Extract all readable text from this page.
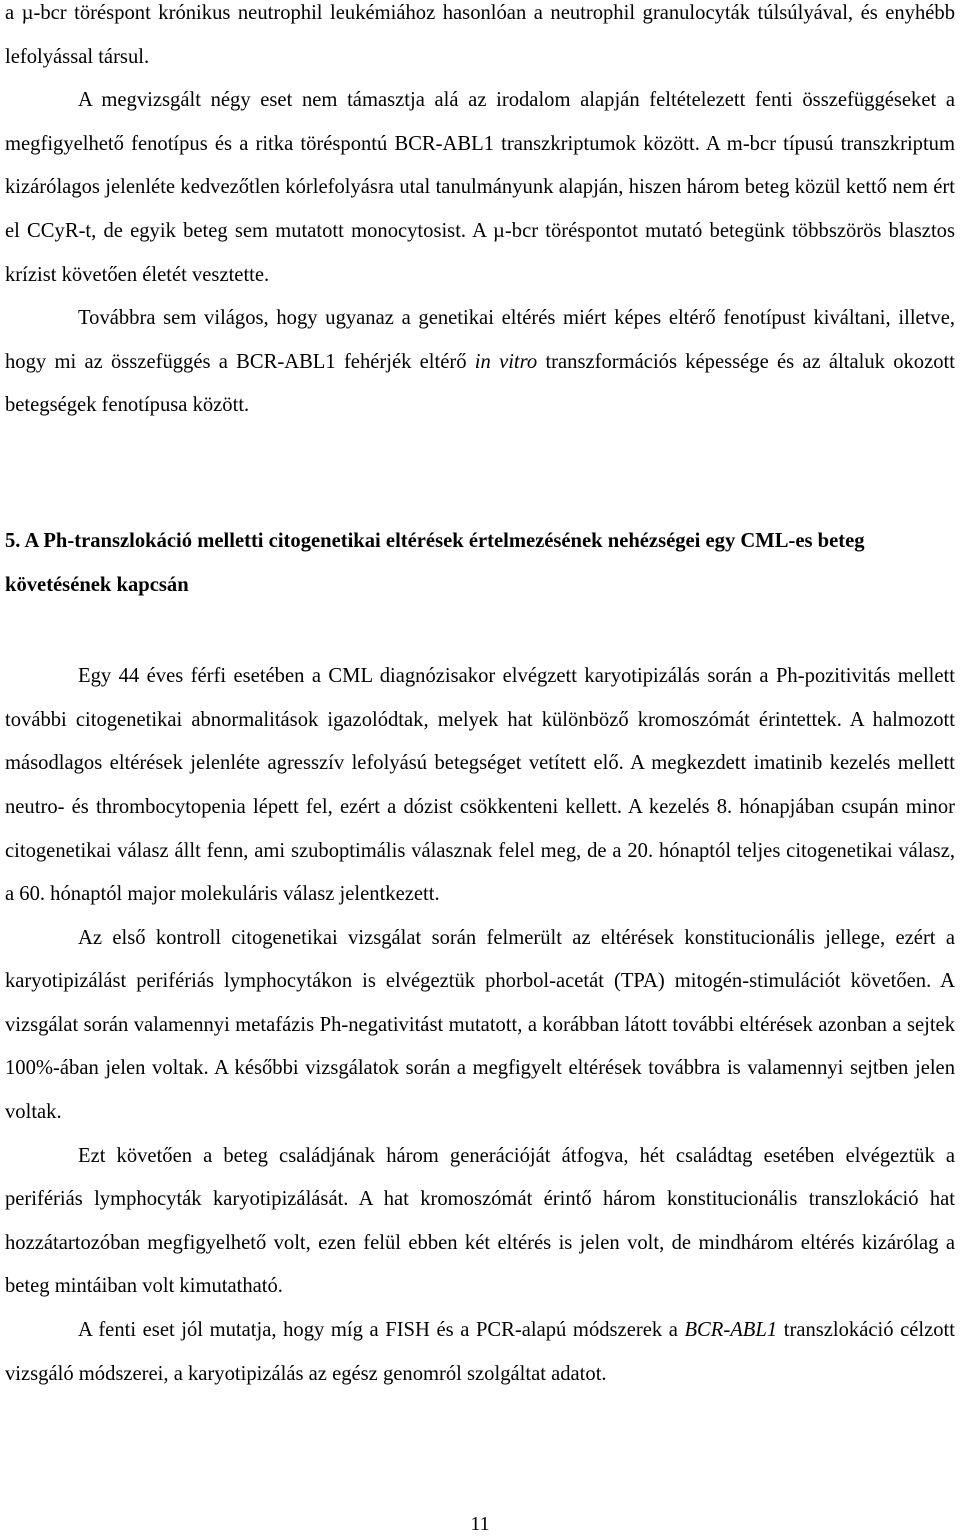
a µ-bcr töréspont krónikus neutrophil leukémiához hasonlóan a neutrophil granulocyták túlsúlyával, és enyhébb lefolyással társul.

A megvizsgált négy eset nem támasztja alá az irodalom alapján feltételezett fenti összefüggéseket a megfigyelhető fenotípus és a ritka töréspontú BCR-ABL1 transzkriptumok között. A m-bcr típusú transzkriptum kizárólagos jelenléte kedvezőtlen kórlefolyásra utal tanulmányunk alapján, hiszen három beteg közül kettő nem ért el CCyR-t, de egyik beteg sem mutatott monocytosist. A µ-bcr töréspontot mutató betegünk többszörös blasztos krízist követően életét vesztette.

Továbbra sem világos, hogy ugyanaz a genetikai eltérés miért képes eltérő fenotípust kiváltani, illetve, hogy mi az összefüggés a BCR-ABL1 fehérjék eltérő in vitro transzformációs képessége és az általuk okozott betegségek fenotípusa között.

5. A Ph-transzlokáció melletti citogenetikai eltérések értelmezésének nehézségei egy CML-es beteg követésének kapcsán

Egy 44 éves férfi esetében a CML diagnózisakor elvégzett karyotipizálás során a Ph-pozitivitás mellett további citogenetikai abnormalitások igazolódtak, melyek hat különböző kromoszómát érintettek. A halmozott másodlagos eltérések jelenléte agresszív lefolyású betegséget vetített elő. A megkezdett imatinib kezelés mellett neutro- és thrombocytopenia lépett fel, ezért a dózist csökkenteni kellett. A kezelés 8. hónapjában csupán minor citogenetikai válasz állt fenn, ami szuboptimális válasznak felel meg, de a 20. hónaptól teljes citogenetikai válasz, a 60. hónaptól major molekuláris válasz jelentkezett.

Az első kontroll citogenetikai vizsgálat során felmerült az eltérések konstitucionális jellege, ezért a karyotipizálást perifériás lymphocytákon is elvégeztük phorbol-acetát (TPA) mitogén-stimulációt követően. A vizsgálat során valamennyi metafázis Ph-negativitást mutatott, a korábban látott további eltérések azonban a sejtek 100%-ában jelen voltak. A későbbi vizsgálatok során a megfigyelt eltérések továbbra is valamennyi sejtben jelen voltak.

Ezt követően a beteg családjának három generációját átfogva, hét családtag esetében elvégeztük a perifériás lymphocyták karyotipizálását. A hat kromoszómát érintő három konstitucionális transzlokáció hat hozzátartozóban megfigyelhető volt, ezen felül ebben két eltérés is jelen volt, de mindhárom eltérés kizárólag a beteg mintáiban volt kimutatható.

A fenti eset jól mutatja, hogy míg a FISH és a PCR-alapú módszerek a BCR-ABL1 transzlokáció célzott vizsgáló módszerei, a karyotipizálás az egész genomról szolgáltat adatot.

11
